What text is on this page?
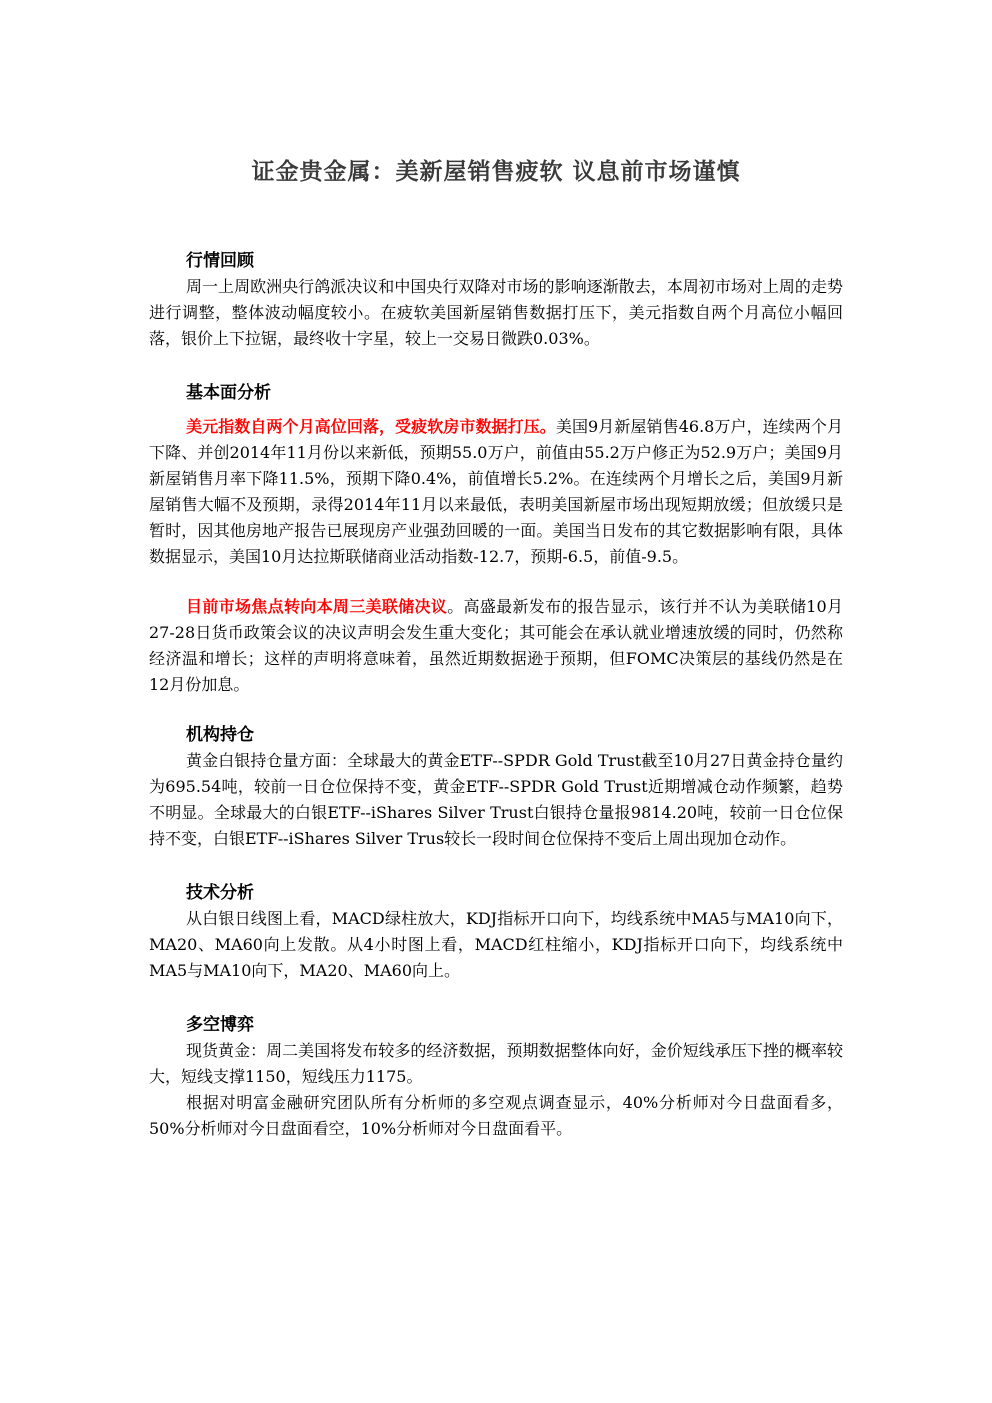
证金贵金属：美新屋销售疲软 议息前市场谨慎

行情回顾

周一上周欧洲央行鸽派决议和中国央行双降对市场的影响逐渐散去，本周初市场对上周的走势进行调整，整体波动幅度较小。在疲软美国新屋销售数据打压下，美元指数自两个月高位小幅回落，银价上下拉锯，最终收十字星，较上一交易日微跌0.03%。

基本面分析

美元指数自两个月高位回落，受疲软房市数据打压。美国9月新屋销售46.8万户，连续两个月下降、并创2014年11月份以来新低，预期55.0万户，前值由55.2万户修正为52.9万户；美国9月新屋销售月率下降11.5%，预期下降0.4%，前值增长5.2%。在连续两个月增长之后，美国9月新屋销售大幅不及预期，录得2014年11月以来最低，表明美国新屋市场出现短期放缓；但放缓只是暂时，因其他房地产报告已展现房产业强劲回暖的一面。美国当日发布的其它数据影响有限，具体数据显示，美国10月达拉斯联储商业活动指数-12.7，预期-6.5，前值-9.5。

目前市场焦点转向本周三美联储决议。高盛最新发布的报告显示，该行并不认为美联储10月27-28日货币政策会议的决议声明会发生重大变化；其可能会在承认就业增速放缓的同时，仍然称经济温和增长；这样的声明将意味着，虽然近期数据逊于预期，但FOMC决策层的基线仍然是在12月份加息。

机构持仓

黄金白银持仓量方面：全球最大的黄金ETF--SPDR Gold Trust截至10月27日黄金持仓量约为695.54吨，较前一日仓位保持不变，黄金ETF--SPDR Gold Trust近期增减仓动作频繁，趋势不明显。全球最大的白银ETF--iShares Silver Trust白银持仓量报9814.20吨，较前一日仓位保持不变，白银ETF--iShares Silver Trus较长一段时间仓位保持不变后上周出现加仓动作。

技术分析

从白银日线图上看，MACD绿柱放大，KDJ指标开口向下，均线系统中MA5与MA10向下，MA20、MA60向上发散。从4小时图上看，MACD红柱缩小，KDJ指标开口向下，均线系统中MA5与MA10向下，MA20、MA60向上。

多空博弈

现货黄金：周二美国将发布较多的经济数据，预期数据整体向好，金价短线承压下挫的概率较大，短线支撑1150，短线压力1175。

根据对明富金融研究团队所有分析师的多空观点调查显示，40%分析师对今日盘面看多，50%分析师对今日盘面看空，10%分析师对今日盘面看平。
